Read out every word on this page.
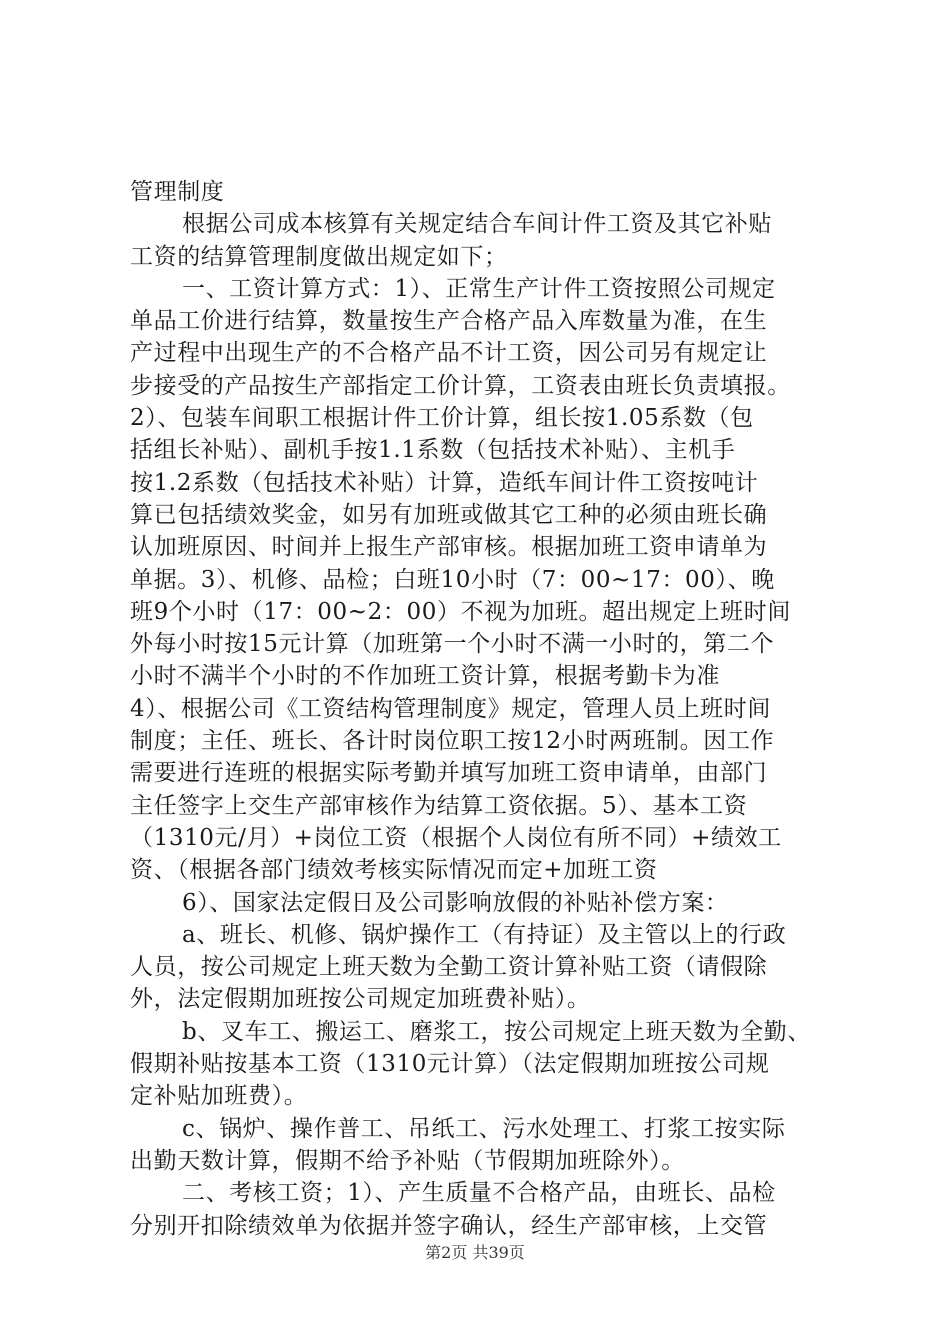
管理制度
根据公司成本核算有关规定结合车间计件工资及其它补贴
工资的结算管理制度做出规定如下；
一、工资计算方式：1）、正常生产计件工资按照公司规定
单品工价进行结算，数量按生产合格产品入库数量为准，在生
产过程中出现生产的不合格产品不计工资，因公司另有规定让
步接受的产品按生产部指定工价计算，工资表由班长负责填报。
2）、包装车间职工根据计件工价计算，组长按1.05系数（包
括组长补贴）、副机手按1.1系数（包括技术补贴）、主机手
按1.2系数（包括技术补贴）计算，造纸车间计件工资按吨计
算已包括绩效奖金，如另有加班或做其它工种的必须由班长确
认加班原因、时间并上报生产部审核。根据加班工资申请单为
单据。3）、机修、品检；白班10小时（7：00~17：00）、晚
班9个小时（17：00~2：00）不视为加班。超出规定上班时间
外每小时按15元计算（加班第一个小时不满一小时的，第二个
小时不满半个小时的不作加班工资计算，根据考勤卡为准
4）、根据公司《工资结构管理制度》规定，管理人员上班时间
制度；主任、班长、各计时岗位职工按12小时两班制。因工作
需要进行连班的根据实际考勤并填写加班工资申请单，由部门
主任签字上交生产部审核作为结算工资依据。5）、基本工资
（1310元/月）+岗位工资（根据个人岗位有所不同）+绩效工
资、（根据各部门绩效考核实际情况而定+加班工资
6）、国家法定假日及公司影响放假的补贴补偿方案：
a、班长、机修、锅炉操作工（有持证）及主管以上的行政
人员，按公司规定上班天数为全勤工资计算补贴工资（请假除
外，法定假期加班按公司规定加班费补贴）。
b、叉车工、搬运工、磨浆工，按公司规定上班天数为全勤、
假期补贴按基本工资（1310元计算）（法定假期加班按公司规
定补贴加班费）。
c、锅炉、操作普工、吊纸工、污水处理工、打浆工按实际
出勤天数计算，假期不给予补贴（节假期加班除外）。
二、考核工资；1）、产生质量不合格产品，由班长、品检
分别开扣除绩效单为依据并签字确认，经生产部审核，上交管
第2页 共39页
